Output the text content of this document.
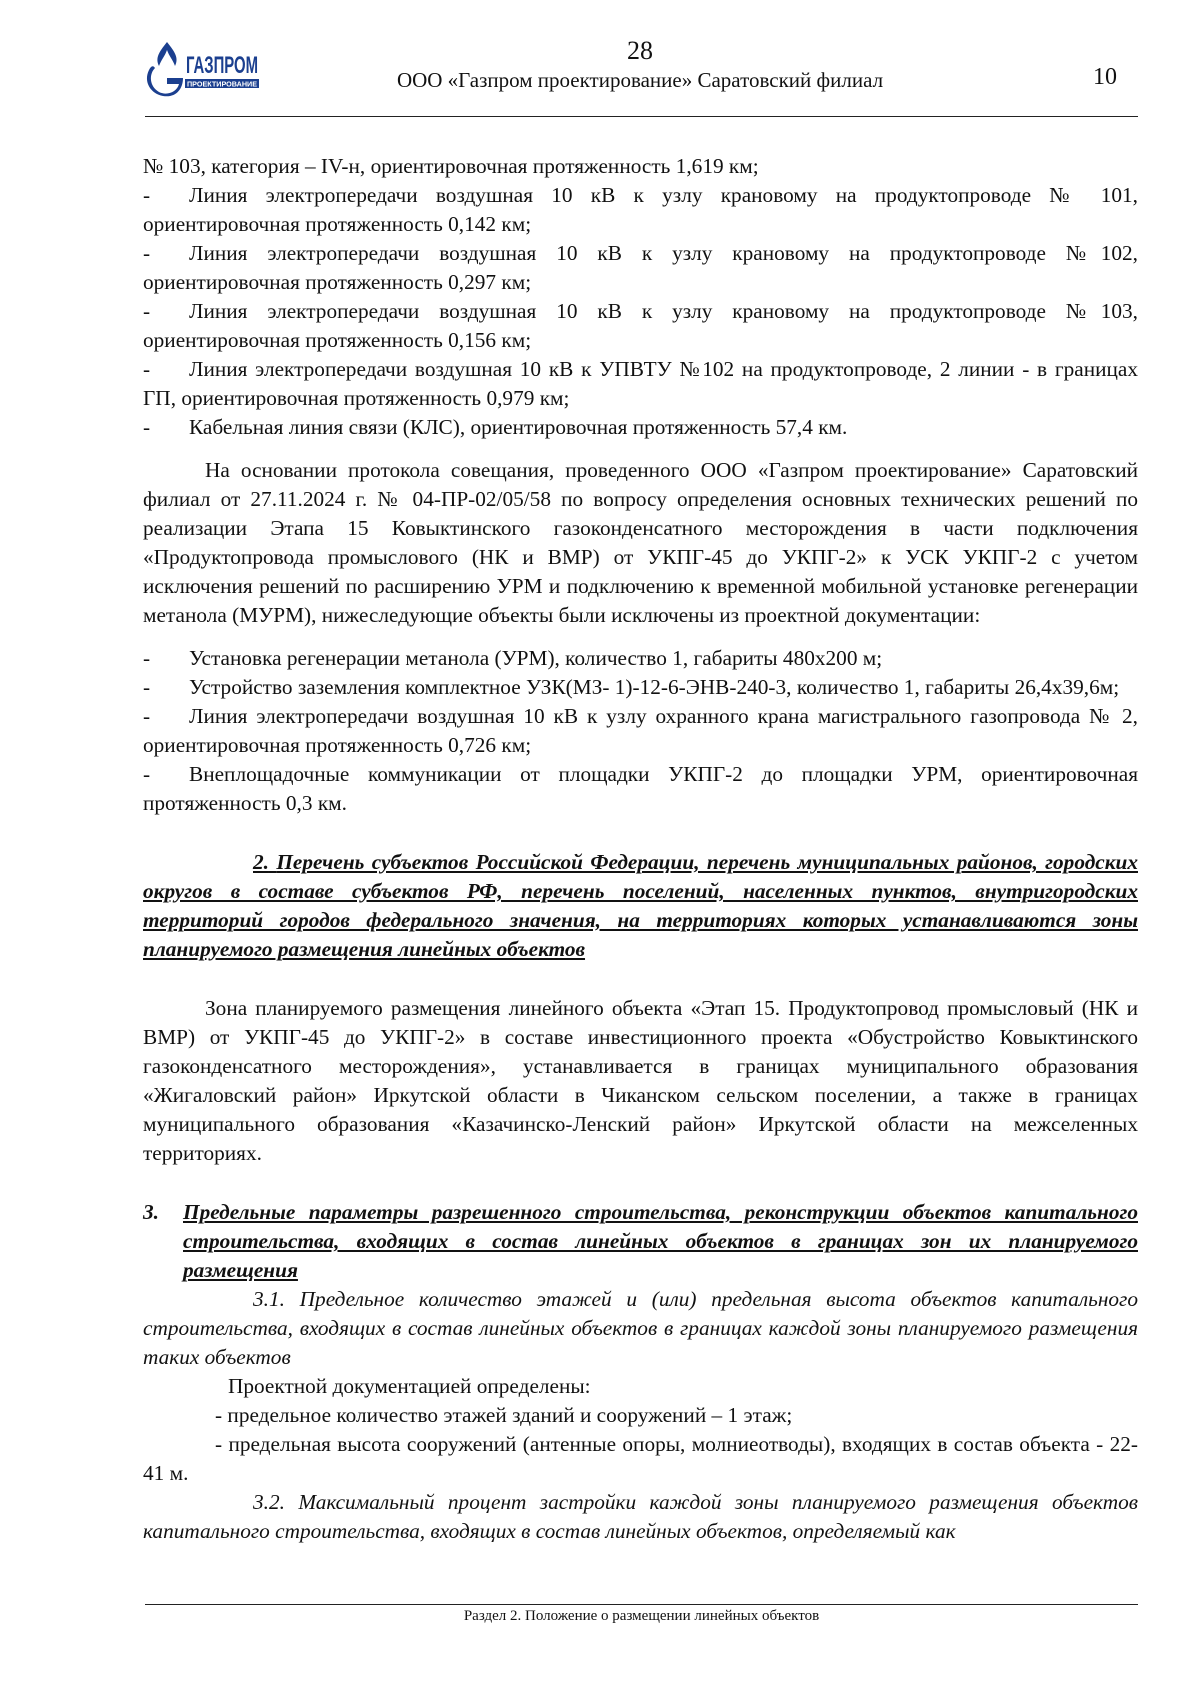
ГАЗПРОМ
ПРОЕКТИРОВАНИЕ
28
ООО «Газпром проектирование» Саратовский филиал	10

№ 103, категория – IV-н, ориентировочная протяженность 1,619 км;

- Линия электропередачи воздушная 10 кВ к узлу крановому на продуктопроводе № 101, ориентировочная протяженность 0,142 км;
- Линия электропередачи воздушная 10 кВ к узлу крановому на продуктопроводе №102, ориентировочная протяженность 0,297 км;
- Линия электропередачи воздушная 10 кВ к узлу крановому на продуктопроводе №103, ориентировочная протяженность 0,156 км;
- Линия электропередачи воздушная 10 кВ к УПВТУ №102 на продуктопроводе, 2 линии - в границах ГП, ориентировочная протяженность 0,979 км;
- Кабельная линия связи (КЛС), ориентировочная протяженность 57,4 км.

На основании протокола совещания, проведенного ООО «Газпром проектирование» Саратовский филиал от 27.11.2024 г. № 04-ПР-02/05/58 по вопросу определения основных технических решений по реализации Этапа 15 Ковыктинского газоконденсатного месторождения в части подключения «Продуктопровода промыслового (НК и ВМР) от УКПГ-45 до УКПГ-2» к УСК УКПГ-2 с учетом исключения решений по расширению УРМ и подключению к временной мобильной установке регенерации метанола (МУРМ), нижеследующие объекты были исключены из проектной документации:

- Установка регенерации метанола (УРМ), количество 1, габариты 480х200 м;
- Устройство заземления комплектное УЗК(МЗ- 1)-12-6-ЭНВ-240-3, количество 1, габариты 26,4х39,6м;
- Линия электропередачи воздушная 10 кВ к узлу охранного крана магистрального газопровода № 2, ориентировочная протяженность 0,726 км;
- Внеплощадочные коммуникации от площадки УКПГ-2 до площадки УРМ, ориентировочная протяженность 0,3 км.

2. Перечень субъектов Российской Федерации, перечень муниципальных районов, городских округов в составе субъектов РФ, перечень поселений, населенных пунктов, внутригородских территорий городов федерального значения, на территориях которых устанавливаются зоны планируемого размещения линейных объектов

Зона планируемого размещения линейного объекта «Этап 15. Продуктопровод промысловый (НК и ВМР) от УКПГ-45 до УКПГ-2» в составе инвестиционного проекта «Обустройство Ковыктинского газоконденсатного месторождения», устанавливается в границах муниципального образования «Жигаловский район» Иркутской области в Чиканском сельском поселении, а также в границах муниципального образования «Казачинско-Ленский район» Иркутской области на межселенных территориях.

3.	Предельные параметры разрешенного строительства, реконструкции объектов капитального строительства, входящих в состав линейных объектов в границах зон их планируемого размещения

3.1. Предельное количество этажей и (или) предельная высота объектов капитального строительства, входящих в состав линейных объектов в границах каждой зоны планируемого размещения таких объектов

Проектной документацией определены:

- предельное количество этажей зданий и сооружений – 1 этаж;

- предельная высота сооружений (антенные опоры, молниеотводы), входящих в состав объекта - 22-41 м.

3.2. Максимальный процент застройки каждой зоны планируемого размещения объектов капитального строительства, входящих в состав линейных объектов, определяемый как

Раздел 2. Положение о размещении линейных объектов
